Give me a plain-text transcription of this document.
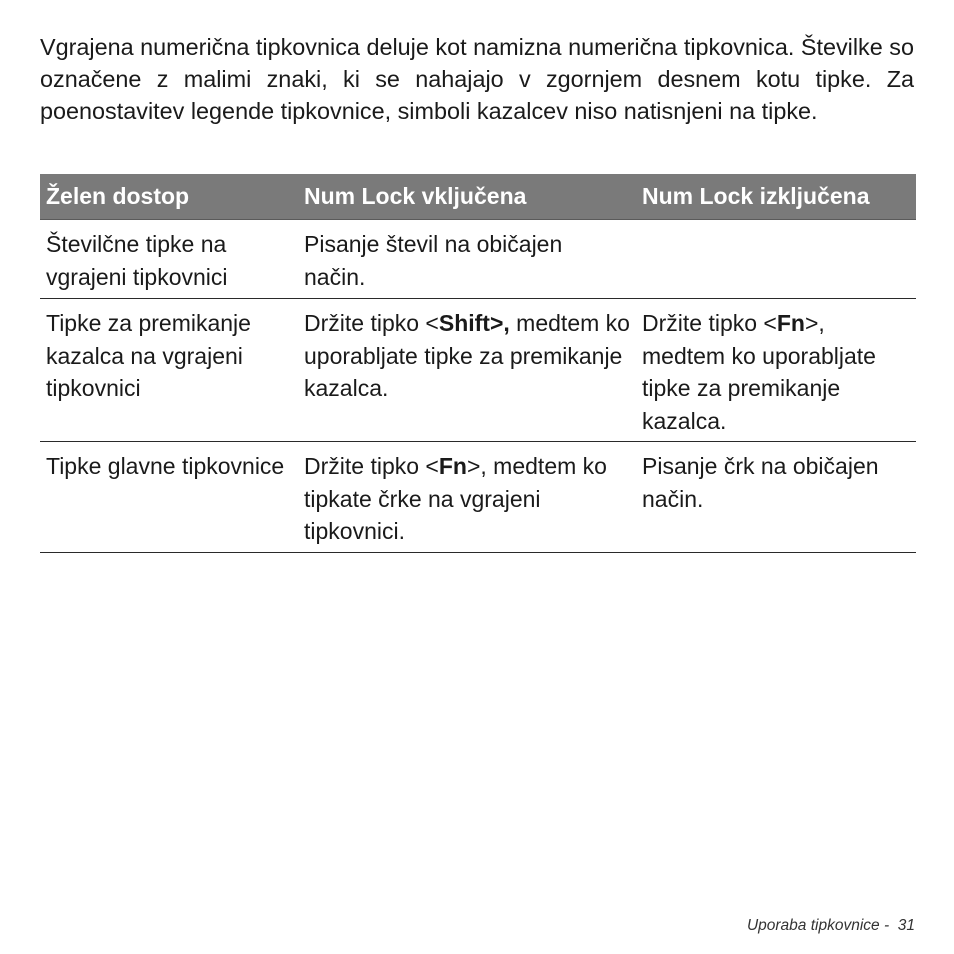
Vgrajena numerična tipkovnica deluje kot namizna numerična tipkovnica. Številke so označene z malimi znaki, ki se nahajajo v zgornjem desnem kotu tipke. Za poenostavitev legende tipkovnice, simboli kazalcev niso natisnjeni na tipke.

Želen dostop	Num Lock vključena	Num Lock izključena
Številčne tipke na vgrajeni tipkovnici
Pisanje števil na običajen način.
Tipke za premikanje kazalca na vgrajeni tipkovnici
Držite tipko <Shift>, medtem ko uporabljate tipke za premikanje kazalca.
Držite tipko <Fn>, medtem ko uporabljate tipke za premikanje kazalca.
Tipke glavne tipkovnice Držite tipko <Fn>, medtem ko tipkate črke na vgrajeni tipkovnici.
Pisanje črk na običajen način.
Uporaba tipkovnice - 31
